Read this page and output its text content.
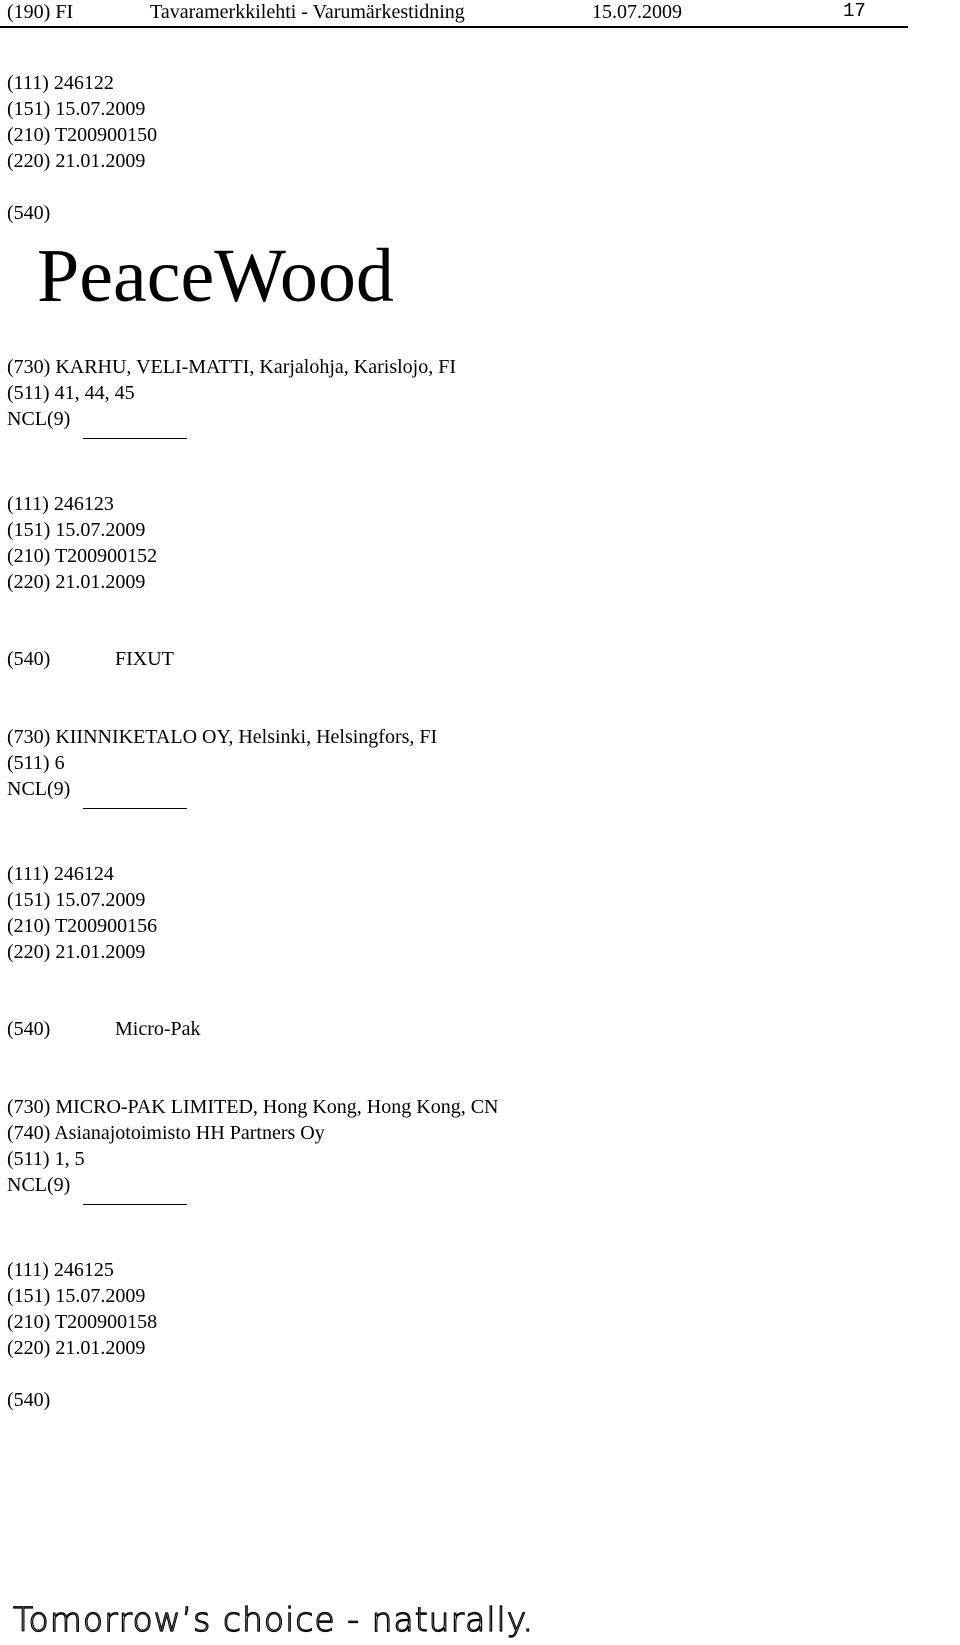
(190) FI	Tavaramerkkilehti - Varumärkestidning	15.07.2009	17
(111) 246122
(151) 15.07.2009
(210) T200900150
(220) 21.01.2009
(540)
PeaceWood
(730) KARHU, VELI-MATTI, Karjalohja, Karislojo, FI
(511) 41, 44, 45
NCL(9)
(111) 246123
(151) 15.07.2009
(210) T200900152
(220) 21.01.2009
(540)	FIXUT
(730) KIINNIKETALO OY, Helsinki, Helsingfors, FI
(511) 6
NCL(9)
(111) 246124
(151) 15.07.2009
(210) T200900156
(220) 21.01.2009
(540)	Micro-Pak
(730) MICRO-PAK LIMITED, Hong Kong, Hong Kong, CN
(740) Asianajotoimisto HH Partners Oy
(511) 1, 5
NCL(9)
(111) 246125
(151) 15.07.2009
(210) T200900158
(220) 21.01.2009
(540)
Tomorrow’s choice - naturally.
